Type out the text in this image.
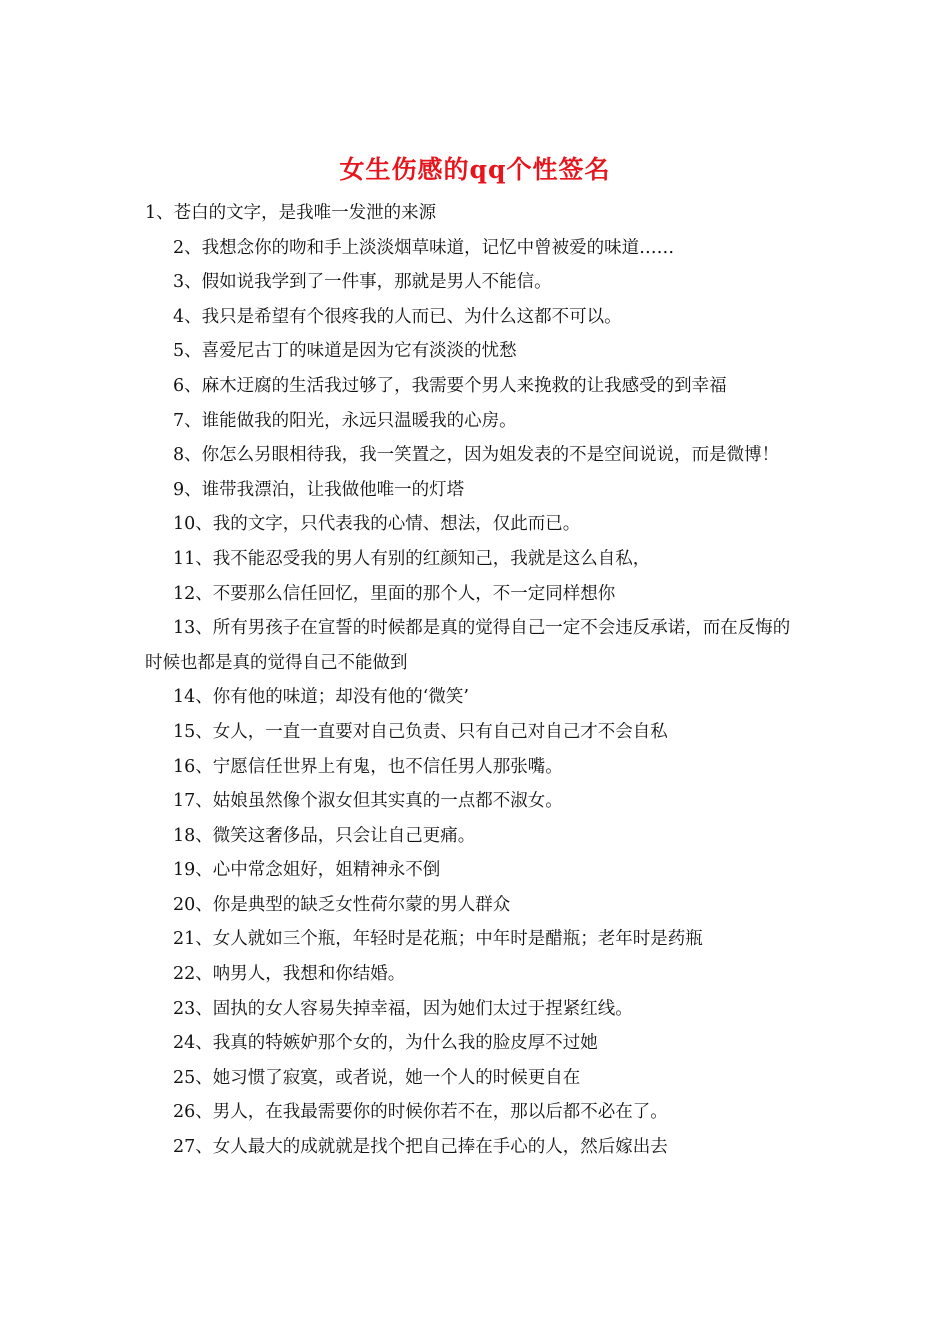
女生伤感的qq个性签名

1、苍白的文字，是我唯一发泄的来源

2、我想念你的吻和手上淡淡烟草味道，记忆中曾被爱的味道……

3、假如说我学到了一件事，那就是男人不能信。

4、我只是希望有个很疼我的人而已、为什么这都不可以。

5、喜爱尼古丁的味道是因为它有淡淡的忧愁

6、麻木迂腐的生活我过够了，我需要个男人来挽救的让我感受的到幸福

7、谁能做我的阳光，永远只温暖我的心房。

8、你怎么另眼相待我，我一笑置之，因为姐发表的不是空间说说，而是微博！

9、谁带我漂泊，让我做他唯一的灯塔

10、我的文字，只代表我的心情、想法，仅此而已。

11、我不能忍受我的男人有别的红颜知己，我就是这么自私，

12、不要那么信任回忆，里面的那个人，不一定同样想你

13、所有男孩子在宣誓的时候都是真的觉得自己一定不会违反承诺，而在反悔的时候也都是真的觉得自己不能做到

14、你有他的味道；却没有他的‘微笑’

15、女人，一直一直要对自己负责、只有自己对自己才不会自私

16、宁愿信任世界上有鬼，也不信任男人那张嘴。

17、姑娘虽然像个淑女但其实真的一点都不淑女。

18、微笑这奢侈品，只会让自己更痛。

19、心中常念姐好，姐精神永不倒

20、你是典型的缺乏女性荷尔蒙的男人群众

21、女人就如三个瓶，年轻时是花瓶；中年时是醋瓶；老年时是药瓶

22、呐男人，我想和你结婚。

23、固执的女人容易失掉幸福，因为她们太过于捏紧红线。

24、我真的特嫉妒那个女的，为什么我的脸皮厚不过她

25、她习惯了寂寞，或者说，她一个人的时候更自在

26、男人，在我最需要你的时候你若不在，那以后都不必在了。

27、女人最大的成就就是找个把自己捧在手心的人，然后嫁出去
